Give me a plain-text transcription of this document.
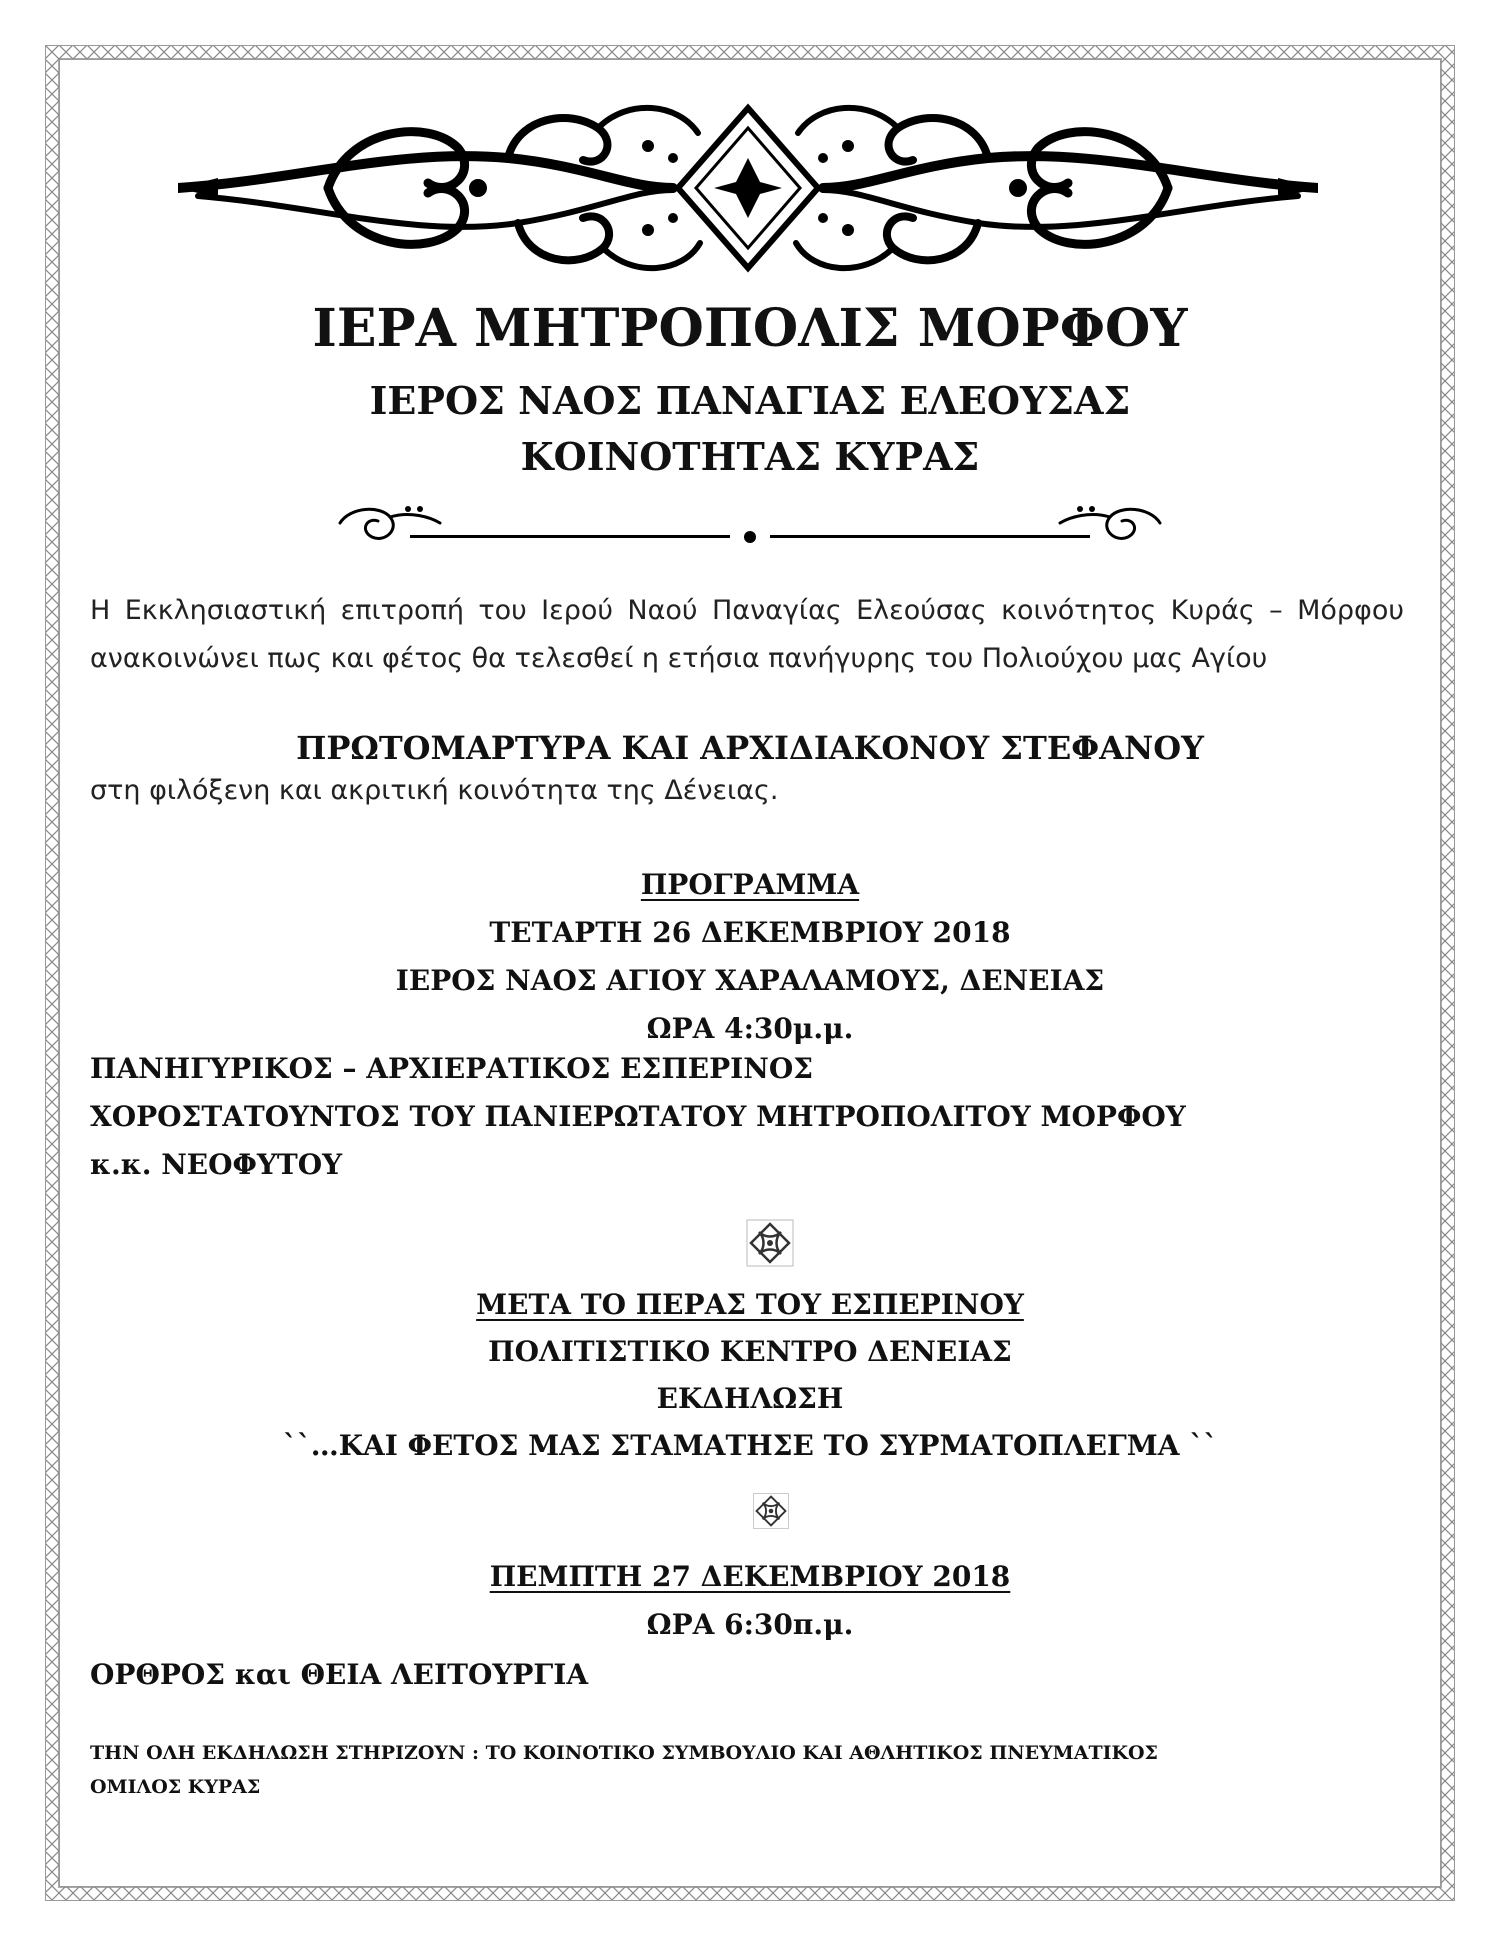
ΙΕΡΑ ΜΗΤΡΟΠΟΛΙΣ ΜΟΡΦΟΥ
ΙΕΡΟΣ ΝΑΟΣ ΠΑΝΑΓΙΑΣ ΕΛΕΟΥΣΑΣ
ΚΟΙΝΟΤΗΤΑΣ ΚΥΡΑΣ
Η Εκκλησιαστική επιτροπή του Ιερού Ναού Παναγίας Ελεούσας κοινότητος Κυράς – Μόρφου ανακοινώνει πως και φέτος θα τελεσθεί η ετήσια πανήγυρης του Πολιούχου μας Αγίου
ΠΡΩΤΟΜΑΡΤΥΡΑ ΚΑΙ ΑΡΧΙΔΙΑΚΟΝΟΥ ΣΤΕΦΑΝΟΥ
στη φιλόξενη και ακριτική κοινότητα της Δένειας.
ΠΡΟΓΡΑΜΜΑ
ΤΕΤΑΡΤΗ 26 ΔΕΚΕΜΒΡΙΟΥ 2018
ΙΕΡΟΣ ΝΑΟΣ ΑΓΙΟΥ ΧΑΡΑΛΑΜΟΥΣ, ΔΕΝΕΙΑΣ
ΩΡΑ 4:30μ.μ.
ΠΑΝΗΓΥΡΙΚΟΣ – ΑΡΧΙΕΡΑΤΙΚΟΣ ΕΣΠΕΡΙΝΟΣ
ΧΟΡΟΣΤΑΤΟΥΝΤΟΣ ΤΟΥ ΠΑΝΙΕΡΩΤΑΤΟΥ ΜΗΤΡΟΠΟΛΙΤΟΥ ΜΟΡΦΟΥ
κ.κ. ΝΕΟΦΥΤΟΥ
ΜΕΤΑ ΤΟ ΠΕΡΑΣ ΤΟΥ ΕΣΠΕΡΙΝΟΥ
ΠΟΛΙΤΙΣΤΙΚΟ ΚΕΝΤΡΟ ΔΕΝΕΙΑΣ
ΕΚΔΗΛΩΣΗ
``…ΚΑΙ ΦΕΤΟΣ ΜΑΣ ΣΤΑΜΑΤΗΣΕ ΤΟ ΣΥΡΜΑΤΟΠΛΕΓΜΑ ``
ΠΕΜΠΤΗ 27 ΔΕΚΕΜΒΡΙΟΥ 2018
ΩΡΑ 6:30π.μ.
ΟΡΘΡΟΣ και ΘΕΙΑ ΛΕΙΤΟΥΡΓΙΑ
ΤΗΝ ΟΛΗ ΕΚΔΗΛΩΣΗ ΣΤΗΡΙΖΟΥΝ : ΤΟ ΚΟΙΝΟΤΙΚΟ ΣΥΜΒΟΥΛΙΟ ΚΑΙ ΑΘΛΗΤΙΚΟΣ ΠΝΕΥΜΑΤΙΚΟΣ
ΟΜΙΛΟΣ ΚΥΡΑΣ
